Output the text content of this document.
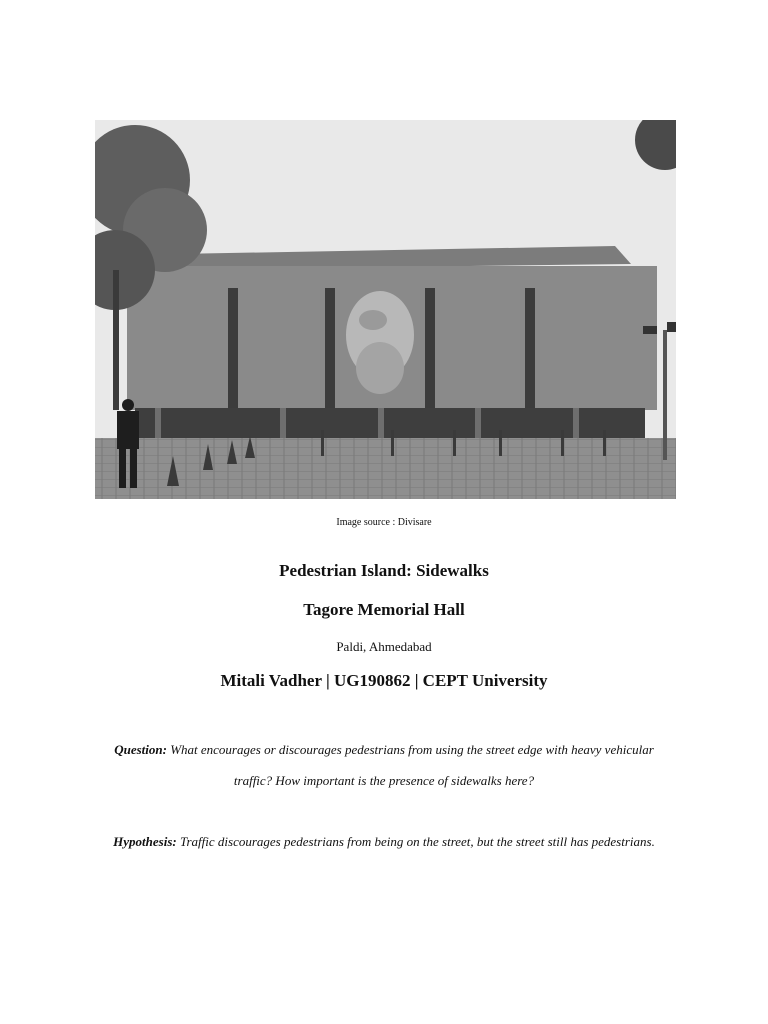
Image source : Divisare
Pedestrian Island: Sidewalks
Tagore Memorial Hall
Paldi, Ahmedabad
Mitali Vadher | UG190862 | CEPT University
Question: What encourages or discourages pedestrians from using the street edge with heavy vehicular traffic? How important is the presence of sidewalks here?
Hypothesis: Traffic discourages pedestrians from being on the street, but the street still has pedestrians.
